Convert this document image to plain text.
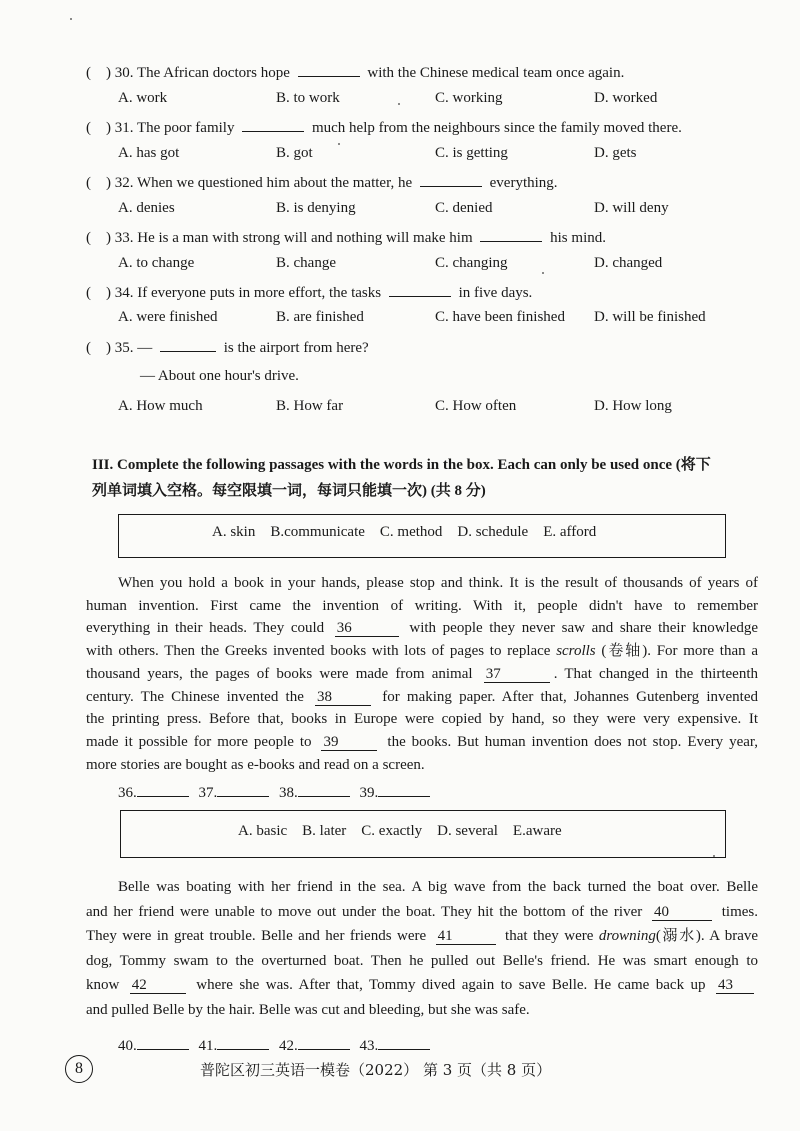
(    ) 30. The African doctors hope	with the Chinese medical team once again.
A. work	B. to work	C. working	D. worked
(    ) 31. The poor family	much help from the neighbours since the family moved there.
A. has got	B. got	C. is getting	D. gets
(    ) 32. When we questioned him about the matter, he	everything.
A. denies	B. is denying	C. denied	D. will deny
(    ) 33. He is a man with strong will and nothing will make him	his mind.
A. to change	B. change	C. changing	D. changed
(    ) 34. If everyone puts in more effort, the tasks	in five days.
A. were finished	B. are finished	C. have been finished D. will be finished
(    ) 35. —	is the airport from here?
— About one hour's drive.
A. How much	B. How far	C. How often	D. How long
III. Complete the following passages with the words in the box. Each can only be used once (将下
列单词填入空格。每空限填一词，每词只能填一次) (共 8 分)
A. skin    B.communicate    C. method    D. schedule    E. afford
When you hold a book in your hands, please stop and think. It is the result of thousands of years of
human invention. First came the invention of writing. With it, people didn't have to remember
everything in their heads. They could 36	with people they never saw and share their knowledge
with others. Then the Greeks invented books with lots of pages to replace scrolls (卷轴). For more than a
thousand years, the pages of books were made from animal 37	. That changed in the thirteenth
century. The Chinese invented the 38	for making paper. After that, Johannes Gutenberg invented
the printing press. Before that, books in Europe were copied by hand, so they were very expensive. It
made it possible for more people to 39	the books. But human invention does not stop. Every year,
more stories are bought as e-books and read on a screen.
36.	37.	38.	39.
A. basic    B. later    C. exactly    D. several    E.aware
Belle was boating with her friend in the sea. A big wave from the back turned the boat over. Belle
and her friend were unable to move out under the boat. They hit the bottom of the river 40	times.
They were in great trouble. Belle and her friends were 41	that they were drowning(溺水). A brave
dog, Tommy swam to the overturned boat. Then he pulled out Belle's friend. He was smart enough to
know 42	where she was. After that, Tommy dived again to save Belle. He came back up 43
and pulled Belle by the hair. Belle was cut and bleeding, but she was safe.
40.	41.	42.	43.
8	普陀区初三英语一模卷（2022） 第 3 页（共 8 页）
